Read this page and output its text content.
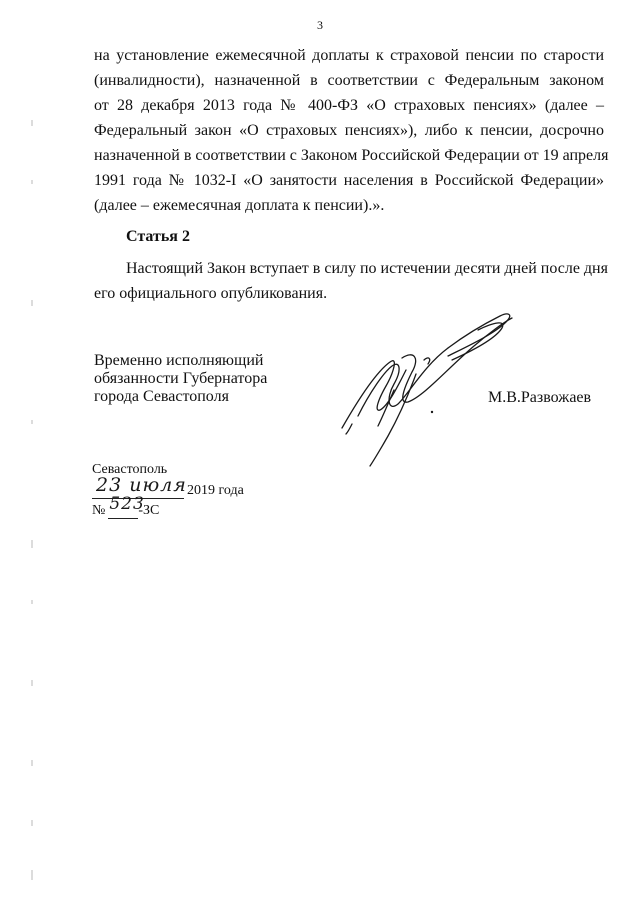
3
на установление ежемесячной доплаты к страховой пенсии по старости
(инвалидности), назначенной в соответствии с Федеральным законом
от 28 декабря 2013 года № 400-ФЗ «О страховых пенсиях» (далее –
Федеральный закон «О страховых пенсиях»), либо к пенсии, досрочно
назначенной в соответствии с Законом Российской Федерации от 19 апреля
1991 года № 1032-I «О занятости населения в Российской Федерации»
(далее – ежемесячная доплата к пенсии).».
Статья 2
Настоящий Закон вступает в силу по истечении десяти дней после дня
его официального опубликования.
Временно исполняющий
обязанности Губернатора
города Севастополя	М.В.Развожаев
Севастополь
23 июля 2019 года
№ 523
-ЗС
